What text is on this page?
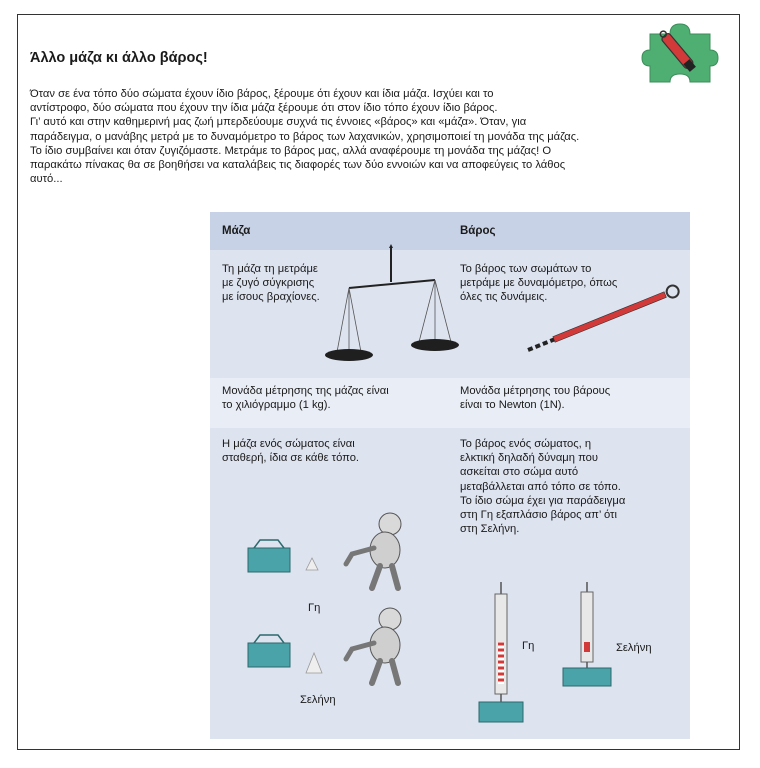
Άλλο μάζα κι άλλο βάρος!

Όταν σε ένα τόπο δύο σώματα έχουν ίδιο βάρος, ξέρουμε ότι έχουν και ίδια μάζα. Ισχύει και το

αντίστροφο, δύο σώματα που έχουν την ίδια μάζα ξέρουμε ότι στον ίδιο τόπο έχουν ίδιο βάρος.

Γι’ αυτό και στην καθημερινή μας ζωή μπερδεύουμε συχνά τις έννοιες «βάρος» και «μάζα». Όταν, για

παράδειγμα, ο μανάβης μετρά με το δυναμόμετρο το βάρος των λαχανικών, χρησιμοποιεί τη μονάδα της μάζας.

Το ίδιο συμβαίνει και όταν ζυγιζόμαστε. Μετράμε το βάρος μας, αλλά αναφέρουμε τη μονάδα της μάζας! Ο

παρακάτω πίνακας θα σε βοηθήσει να καταλάβεις τις διαφορές των δύο εννοιών και να αποφεύγεις το λάθος

αυτό...

Μάζα	Βάρος
Τη μάζα τη μετράμε
με ζυγό σύγκρισης
με ίσους βραχίονες.
Το βάρος των σωμάτων το
μετράμε με δυναμόμετρο, όπως
όλες τις δυνάμεις.
Μονάδα μέτρησης της μάζας είναι
το χιλιόγραμμο (1 kg).
Μονάδα μέτρησης του βάρους
είναι το Newton (1N).
Η μάζα ενός σώματος είναι
σταθερή, ίδια σε κάθε τόπο.
Το βάρος ενός σώματος, η
ελκτική δηλαδή δύναμη που
ασκείται στο σώμα αυτό
μεταβάλλεται από τόπο σε τόπο.
Το ίδιο σώμα έχει για παράδειγμα
στη Γη εξαπλάσιο βάρος απ’ ότι
στη Σελήνη.
Γη
Σελήνη
Γη	Σελήνη
